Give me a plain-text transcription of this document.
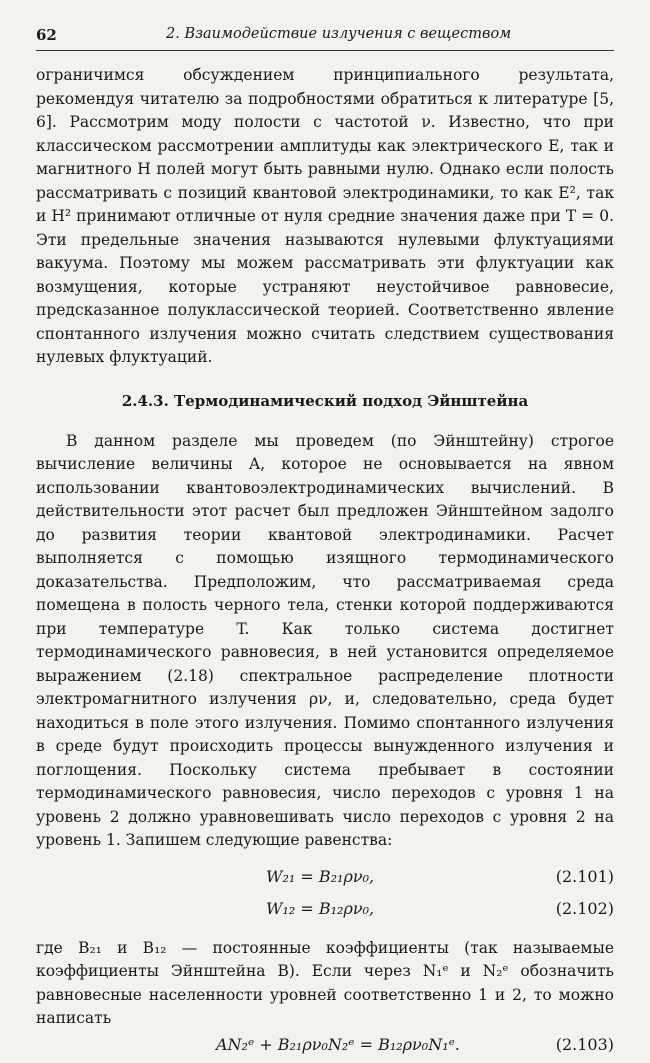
62	2. Взаимодействие излучения с веществом

ограничимся обсуждением принципиального результата, рекомендуя читателю за подробностями обратиться к литературе [5, 6]. Рассмотрим моду полости с частотой ν. Известно, что при классическом рассмотрении амплитуды как электрического E, так и магнитного H полей могут быть равными нулю. Однако если полость рассматривать с позиций квантовой электродинамики, то как E², так и H² принимают отличные от нуля средние значения даже при T = 0. Эти предельные значения называются нулевыми флуктуациями вакуума. Поэтому мы можем рассматривать эти флуктуации как возмущения, которые устраняют неустойчивое равновесие, предсказанное полуклассической теорией. Соответственно явление спонтанного излучения можно считать следствием существования нулевых флуктуаций.

2.4.3. Термодинамический подход Эйнштейна

В данном разделе мы проведем (по Эйнштейну) строгое вычисление величины A, которое не основывается на явном использовании квантовоэлектродинамических вычислений. В действительности этот расчет был предложен Эйнштейном задолго до развития теории квантовой электродинамики. Расчет выполняется с помощью изящного термодинамического доказательства. Предположим, что рассматриваемая среда помещена в полость черного тела, стенки которой поддерживаются при температуре T. Как только система достигнет термодинамического равновесия, в ней установится определяемое выражением (2.18) спектральное распределение плотности электромагнитного излучения ρν, и, следовательно, среда будет находиться в поле этого излучения. Помимо спонтанного излучения в среде будут происходить процессы вынужденного излучения и поглощения. Поскольку система пребывает в состоянии термодинамического равновесия, число переходов с уровня 1 на уровень 2 должно уравновешивать число переходов с уровня 2 на уровень 1. Запишем следующие равенства:

W₂₁ = B₂₁ρν₀,	(2.101)
W₁₂ = B₁₂ρν₀,	(2.102)

где B₂₁ и B₁₂ — постоянные коэффициенты (так называемые коэффициенты Эйнштейна B). Если через N₁ᵉ и N₂ᵉ обозначить равновесные населенности уровней соответственно 1 и 2, то можно написать

AN₂ᵉ + B₂₁ρν₀N₂ᵉ = B₁₂ρν₀N₁ᵉ.	(2.103)
